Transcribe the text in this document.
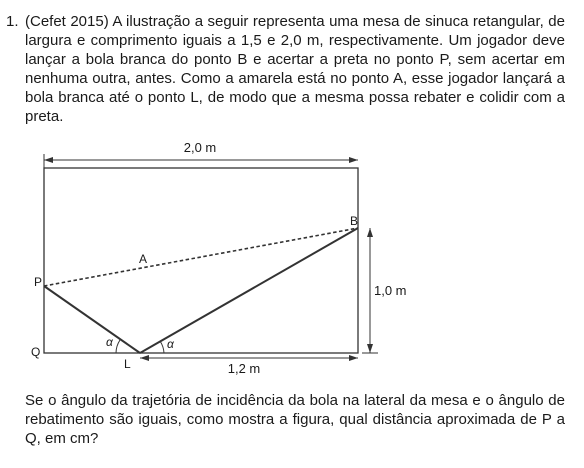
1. (Cefet 2015) A ilustração a seguir representa uma mesa de sinuca retangular, de largura e comprimento iguais a 1,5 e 2,0 m, respectivamente. Um jogador deve lançar a bola branca do ponto B e acertar a preta no ponto P, sem acertar em nenhuma outra, antes. Como a amarela está no ponto A, esse jogador lançará a bola branca até o ponto L, de modo que a mesma possa rebater e colidir com a preta.

2,0 m
α	α
1,0 m
1,2 m
A
B
P
Q
L

Se o ângulo da trajetória de incidência da bola na lateral da mesa e o ângulo de rebatimento são iguais, como mostra a figura, qual distância aproximada de P a Q, em cm?
